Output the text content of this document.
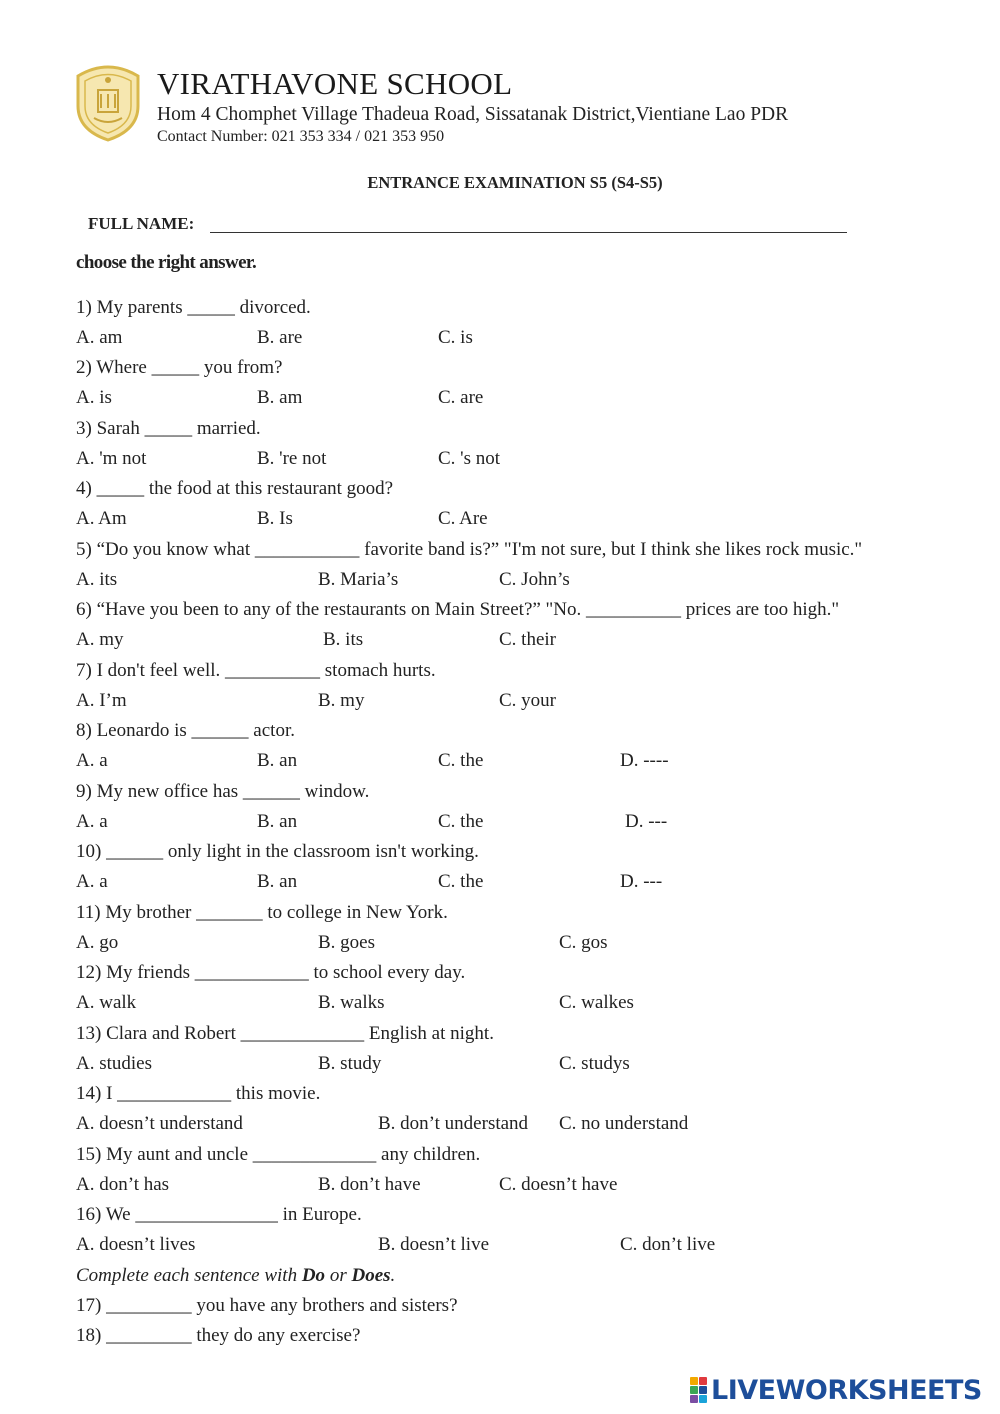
VIRATHAVONE SCHOOL
Hom 4 Chomphet Village Thadeua Road, Sissatanak District,Vientiane Lao PDR
Contact Number: 021 353 334 / 021 353 950
ENTRANCE EXAMINATION S5 (S4-S5)
FULL NAME:
choose the right answer.
1) My parents _____ divorced.
A. am	B. are	C. is
2) Where _____ you from?
A. is	B. am	C. are
3) Sarah _____ married.
A. 'm not	B. 're not	C. 's not
4) _____ the food at this restaurant good?
A. Am	B. Is	C. Are
5) “Do you know what ___________ favorite band is?” "I'm not sure, but I think she likes rock music."
A. its	B. Maria’s	C. John’s
6) “Have you been to any of the restaurants on Main Street?” "No. __________ prices are too high."
A. my	B. its	C. their
7) I don't feel well. __________ stomach hurts.
A. I’m	B. my	C. your
8) Leonardo is ______ actor.
A. a	B. an	C. the	D. ----
9) My new office has ______ window.
A. a	B. an	C. the	D. ---
10) ______ only light in the classroom isn't working.
A. a	B. an	C. the	D. ---
11) My brother _______ to college in New York.
A. go	B. goes	C. gos
12) My friends ____________ to school every day.
A. walk	B. walks	C. walkes
13) Clara and Robert _____________ English at night.
A. studies	B. study	C. studys
14) I ____________ this movie.
A. doesn’t understand	B. don’t understand C. no understand
15) My aunt and uncle _____________ any children.
A. don’t has	B. don’t have	C. doesn’t have
16) We _______________ in Europe.
A. doesn’t lives	B. doesn’t live	C. don’t live
Complete each sentence with Do or Does.
17) _________ you have any brothers and sisters?
18) _________ they do any exercise?
LIVEWORKSHEETS
